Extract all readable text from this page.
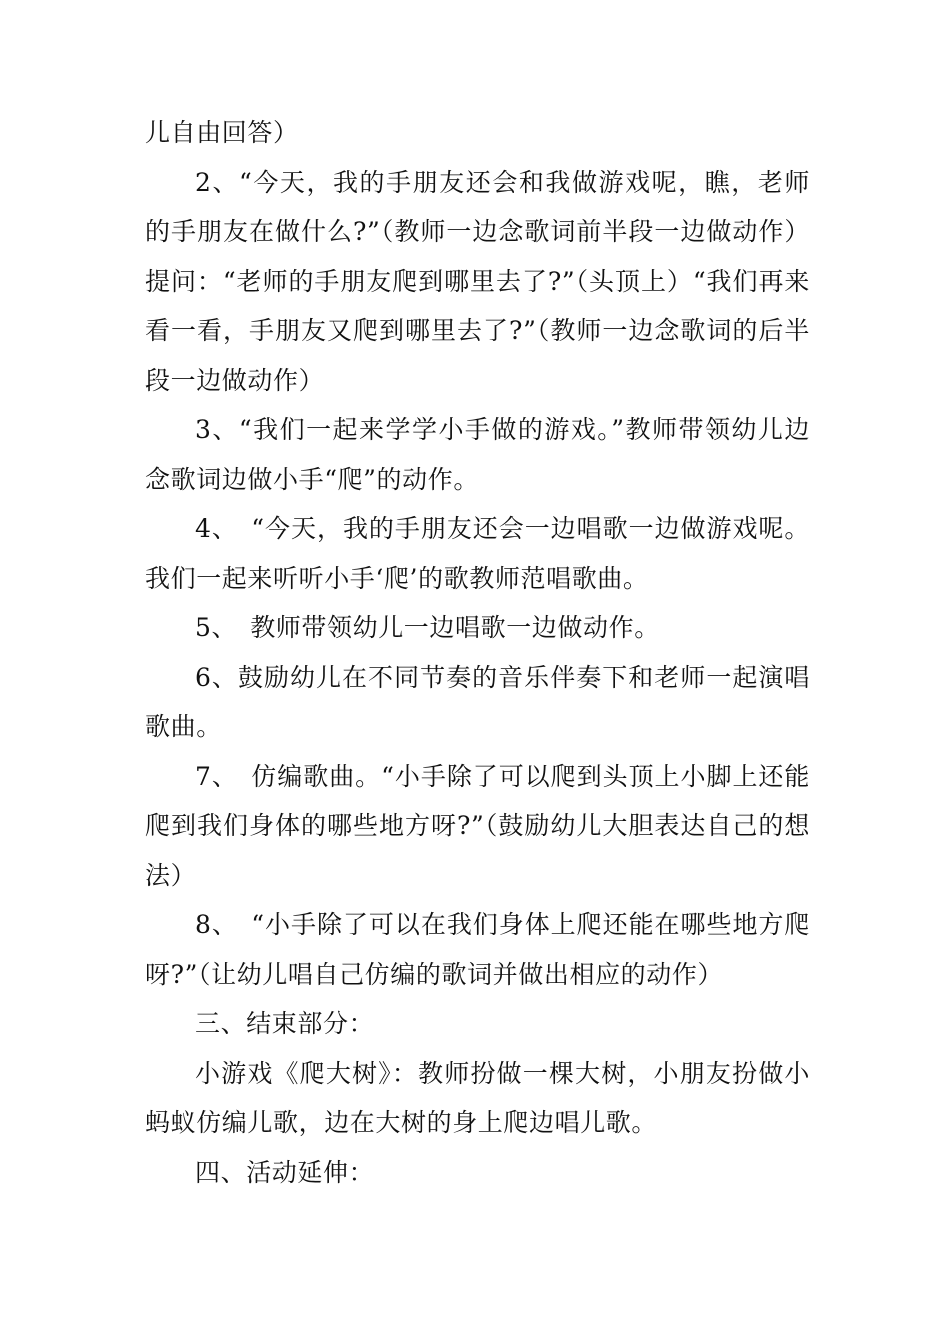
儿自由回答）

2、“今天，我的手朋友还会和我做游戏呢，瞧，老师的手朋友在做什么?”（教师一边念歌词前半段一边做动作）提问：“老师的手朋友爬到哪里去了?”（头顶上）“我们再来看一看，手朋友又爬到哪里去了?”（教师一边念歌词的后半段一边做动作）

3、“我们一起来学学小手做的游戏。”教师带领幼儿边念歌词边做小手“爬”的动作。

4、　“今天，我的手朋友还会一边唱歌一边做游戏呢。我们一起来听听小手‘爬’的歌教师范唱歌曲。

5、　教师带领幼儿一边唱歌一边做动作。

6、鼓励幼儿在不同节奏的音乐伴奏下和老师一起演唱歌曲。

7、　仿编歌曲。“小手除了可以爬到头顶上小脚上还能爬到我们身体的哪些地方呀?”（鼓励幼儿大胆表达自己的想法）

8、　“小手除了可以在我们身体上爬还能在哪些地方爬呀?”（让幼儿唱自己仿编的歌词并做出相应的动作）

三、结束部分：

小游戏《爬大树》：教师扮做一棵大树，小朋友扮做小蚂蚁仿编儿歌，边在大树的身上爬边唱儿歌。

四、活动延伸：
